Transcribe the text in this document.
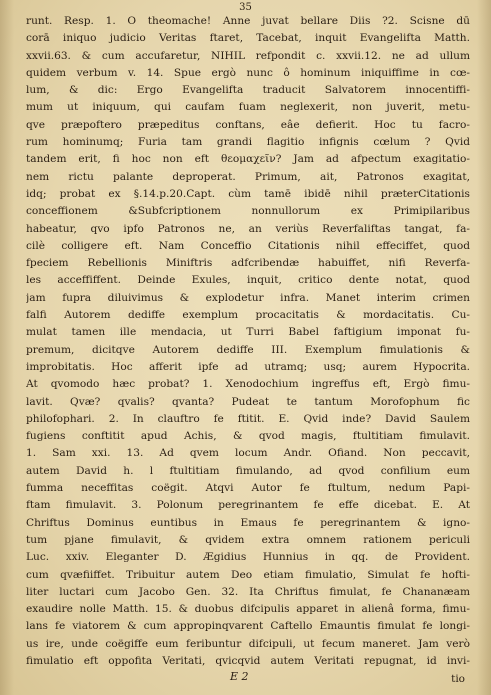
35
runt. Resp. 1. O theomache! Anne juvat bellare Diis ?2. Scisne dū
corā iniquo judicio Veritas ftaret, Tacebat, inquit Evangelifta Matth.
xxvii.63. & cum accufaretur, NIHIL refpondit c. xxvii.12. ne ad ullum
quidem verbum v. 14. Spue ergò nunc ô hominum iniquiffime in cœ-
lum, & dic: Ergo Evangelifta traducit Salvatorem innocentiffi-
mum ut iniquum, qui caufam fuam neglexerit, non juverit, metu-
qve præpoftero præpeditus conftans, eâe defierit. Hoc tu facro-
rum hominumq; Furia tam grandi flagitio infignis cœlum ? Qvid
tandem erit, fi hoc non eft θεομαχεῖν? Jam ad afpectum exagitatio-
nem rictu palante deproperat. Primum, ait, Patronos exagitat,
idq; probat ex §.14.p.20.Capt. cùm tamē ibidē nihil præterCitationis
conceffionem &Subfcriptionem nonnullorum ex Primipilaribus
habeatur, qvo ipfo Patronos ne, an veriùs Reverfaliftas tangat, fa-
cilè colligere eft. Nam Conceffio Citationis nihil effeciffet, quod
fpeciem Rebellionis Miniftris adfcribendæ habuiffet, nifi Reverfa-
les acceffiffent. Deinde Exules, inquit, critico dente notat, quod
jam fupra diluivimus & explodetur infra. Manet interim crimen
falfi Autorem dediffe exemplum procacitatis & mordacitatis. Cu-
mulat tamen ille mendacia, ut Turri Babel faftigium imponat fu-
premum, dicitqve Autorem dediffe III. Exemplum fimulationis &
improbitatis. Hoc afferit ipfe ad utramq; usq; aurem Hypocrita.
At qvomodo hæc probat? 1. Xenodochium ingreffus eft, Ergò fimu-
lavit. Qvæ? qvalis? qvanta? Pudeat te tantum Morofophum fic
philofophari. 2. In clauftro fe ftitit. E. Qvid inde? David Saulem
fugiens conftitit apud Achis, & qvod magis, ftultitiam fimulavit.
1. Sam xxi. 13. Ad qvem locum Andr. Ofiand. Non peccavit,
autem David h. l ftultitiam fimulando, ad qvod confilium eum
fumma neceffitas coëgit. Atqvi Autor fe ftultum, nedum Papi-
ftam fimulavit. 3. Polonum peregrinantem fe effe dicebat. E. At
Chriftus Dominus euntibus in Emaus fe peregrinantem & igno-
tum pjane fimulavit, & qvidem extra omnem rationem periculi
Luc. xxiv. Eleganter D. Ægidius Hunnius in qq. de Provident.
cum qvæfiiffet. Tribuitur autem Deo etiam fimulatio, Simulat fe hofti-
liter luctari cum Jacobo Gen. 32. Ita Chriftus fimulat, fe Chananæam
exaudire nolle Matth. 15. & duobus difcipulis apparet in alienâ forma, fimu-
lans fe viatorem & cum appropinqvarent Caftello Emauntis fimulat fe longi-
us ire, unde coëgiffe eum feribuntur difcipuli, ut fecum maneret. Jam verò
fimulatio eft oppofita Veritati, qvicqvid autem Veritati repugnat, id invi-
E 2	tio
